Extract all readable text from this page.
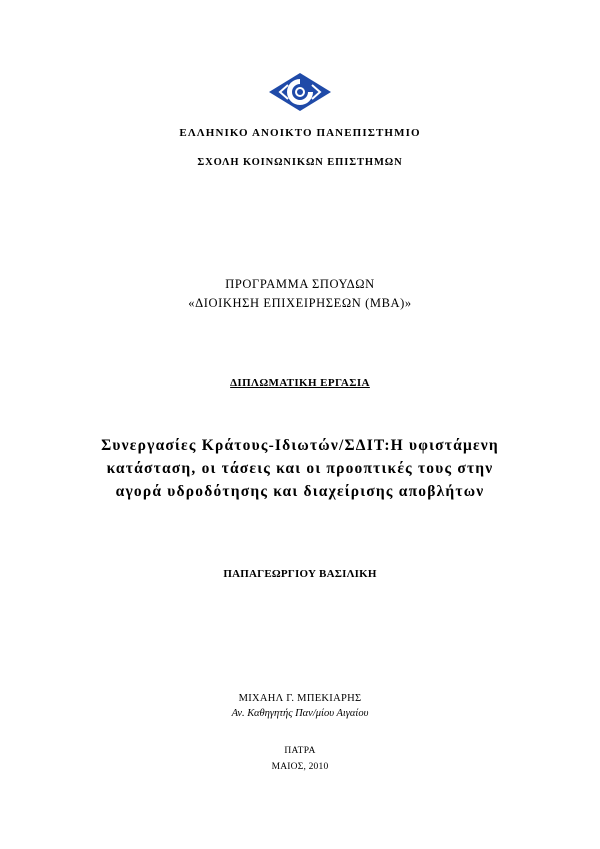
ΕΛΛΗΝΙΚΟ ΑΝΟΙΚΤΟ ΠΑΝΕΠΙΣΤΗΜΙΟ
ΣΧΟΛΗ ΚΟΙΝΩΝΙΚΩΝ ΕΠΙΣΤΗΜΩΝ
ΠΡΟΓΡΑΜΜΑ ΣΠΟΥΔΩΝ
«ΔΙΟΙΚΗΣΗ ΕΠΙΧΕΙΡΗΣΕΩΝ (MBA)»
ΔΙΠΛΩΜΑΤΙΚΗ ΕΡΓΑΣΙΑ
Συνεργασίες Κράτους-Ιδιωτών/ΣΔΙΤ:Η υφιστάμενη
κατάσταση, οι τάσεις και οι προοπτικές τους στην
αγορά υδροδότησης και διαχείρισης αποβλήτων
ΠΑΠΑΓΕΩΡΓΙΟΥ ΒΑΣΙΛΙΚΗ
ΜΙΧΑΗΛ Γ. ΜΠΕΚΙΑΡΗΣ
Αν. Καθηγητής Παν/μίου Αιγαίου
ΠΑΤΡΑ
ΜΑΙΟΣ, 2010
